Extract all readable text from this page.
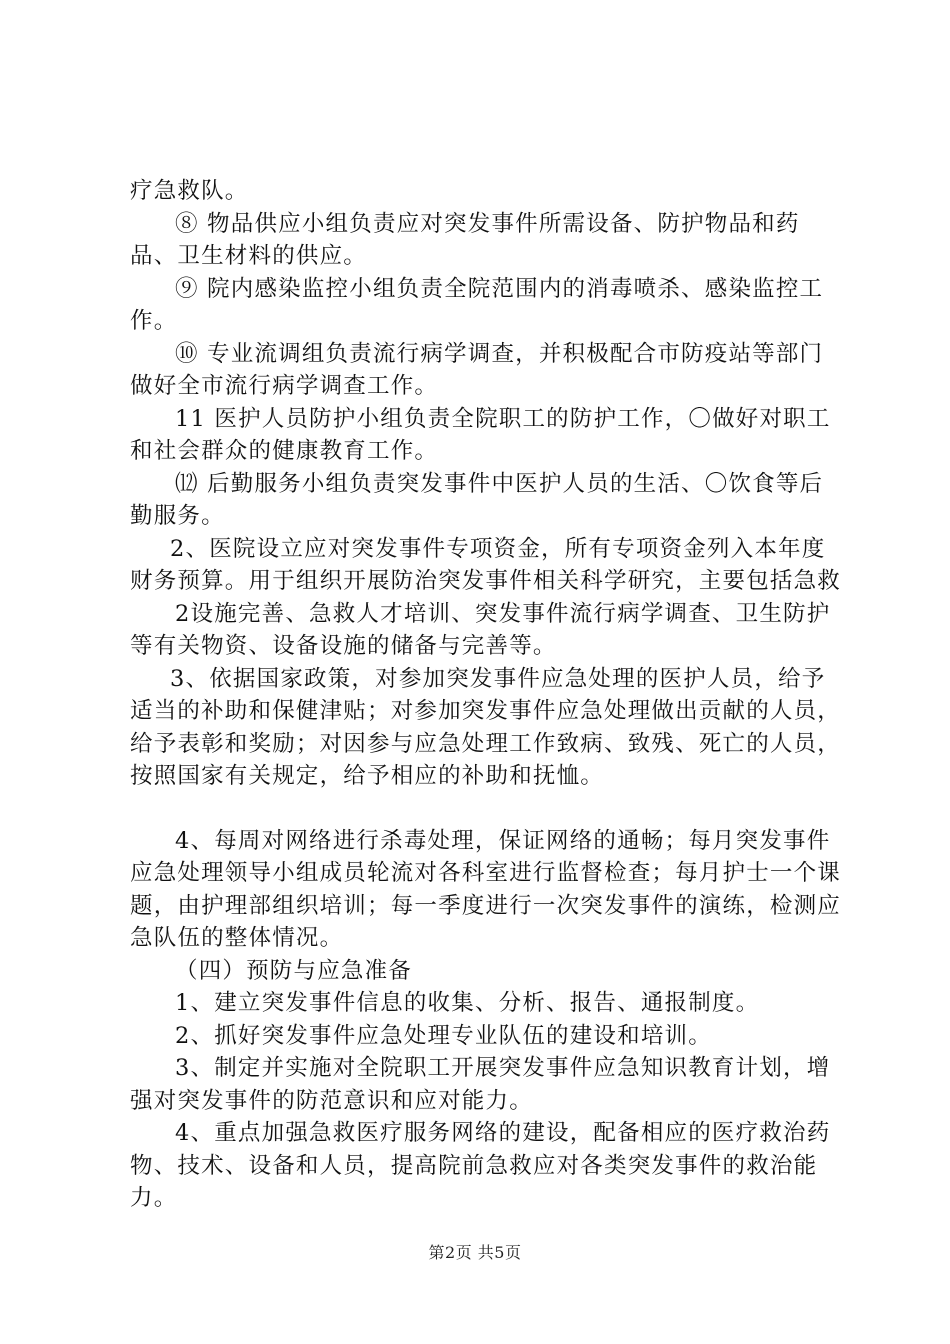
疗急救队。

⑧ 物品供应小组负责应对突发事件所需设备、防护物品和药品、卫生材料的供应。

⑨ 院内感染监控小组负责全院范围内的消毒喷杀、感染监控工作。

⑩ 专业流调组负责流行病学调查，并积极配合市防疫站等部门做好全市流行病学调查工作。

11 医护人员防护小组负责全院职工的防护工作，〇做好对职工和社会群众的健康教育工作。

⑿ 后勤服务小组负责突发事件中医护人员的生活、〇饮食等后勤服务。

2、医院设立应对突发事件专项资金，所有专项资金列入本年度财务预算。用于组织开展防治突发事件相关科学研究，主要包括急救

2设施完善、急救人才培训、突发事件流行病学调查、卫生防护等有关物资、设备设施的储备与完善等。

3、依据国家政策，对参加突发事件应急处理的医护人员，给予适当的补助和保健津贴；对参加突发事件应急处理做出贡献的人员，给予表彰和奖励；对因参与应急处理工作致病、致残、死亡的人员，按照国家有关规定，给予相应的补助和抚恤。

4、每周对网络进行杀毒处理，保证网络的通畅；每月突发事件应急处理领导小组成员轮流对各科室进行监督检查；每月护士一个课题，由护理部组织培训；每一季度进行一次突发事件的演练，检测应急队伍的整体情况。

（四）预防与应急准备

1、建立突发事件信息的收集、分析、报告、通报制度。

2、抓好突发事件应急处理专业队伍的建设和培训。

3、制定并实施对全院职工开展突发事件应急知识教育计划，增强对突发事件的防范意识和应对能力。

4、重点加强急救医疗服务网络的建设，配备相应的医疗救治药物、技术、设备和人员，提高院前急救应对各类突发事件的救治能力。

第2页 共5页
